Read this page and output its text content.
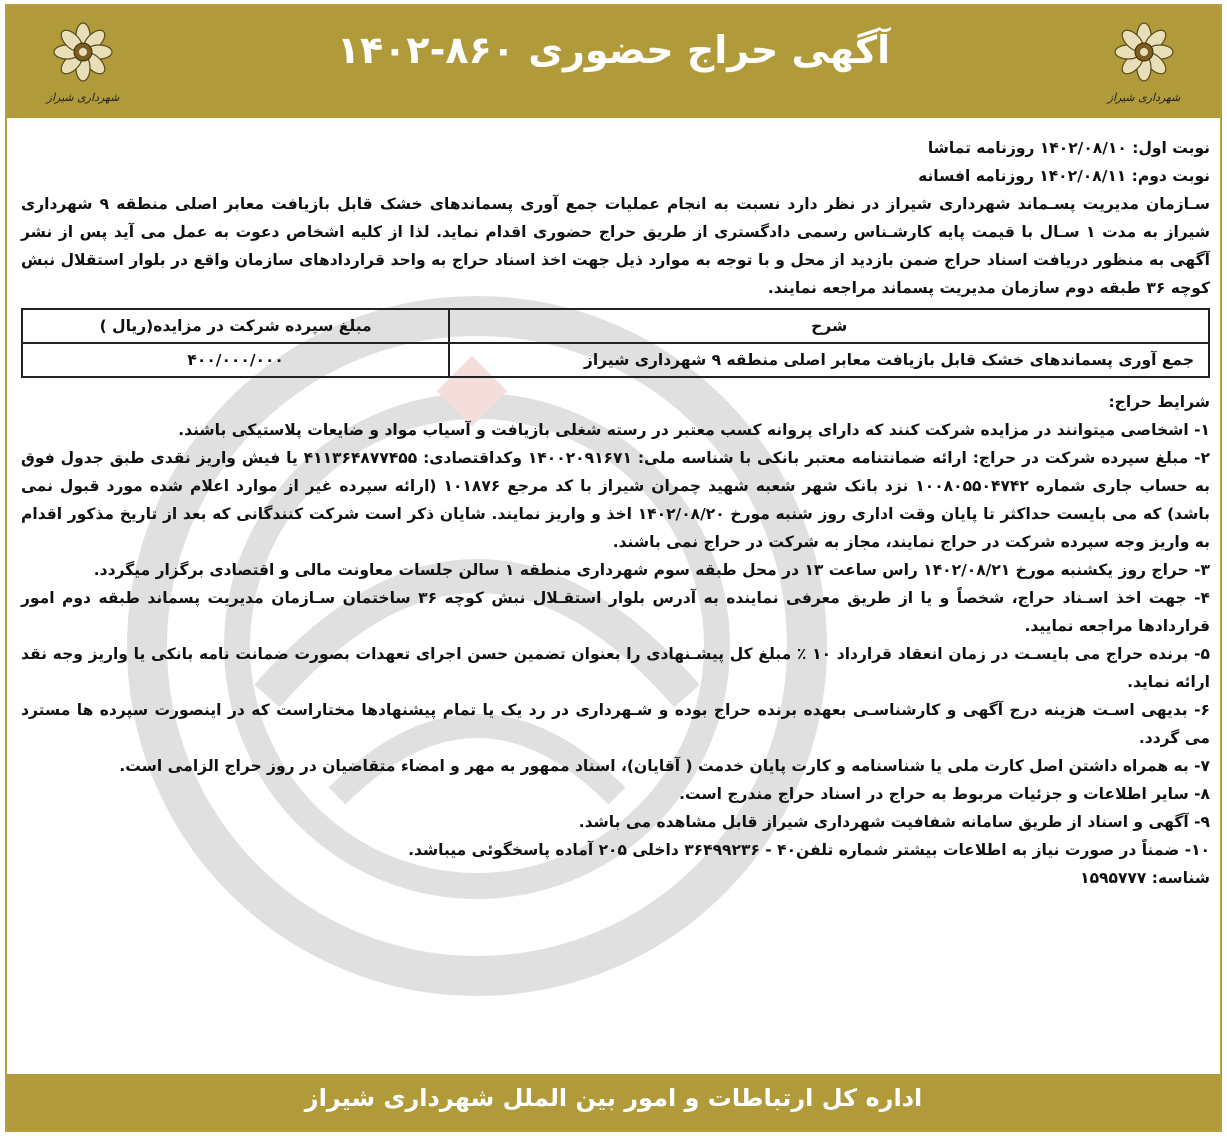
شهرداری شیراز
آگهی حراج حضوری ۸۶۰-۱۴۰۲
شهرداری شیراز

نوبت اول: ۱۴۰۲/۰۸/۱۰ روزنامه تماشا

نوبت دوم: ۱۴۰۲/۰۸/۱۱ روزنامه افسانه

سـازمان مدیریت پسـماند شهرداری شیراز در نظر دارد نسبت به انجام عملیات جمع آوری پسماندهای خشک قابل بازیافت معابر اصلی منطقه ۹ شهرداری شیراز به مدت ۱ سـال با قیمت پایه کارشـناس رسمی دادگستری از طریق حراج حضوری اقدام نماید. لذا از کلیه اشخاص دعوت به عمل می آید پس از نشر آگهی به منظور دریافت اسناد حراج ضمن بازدید از محل و با توجه به موارد ذیل جهت اخذ اسناد حراج به واحد قراردادهای سازمان واقع در بلوار استقلال نبش کوچه ۳۶ طبقه دوم سازمان مدیریت پسماند مراجعه نمایند.

شرح	مبلغ سپرده شرکت در مزایده(ریال )
جمع آوری پسماندهای خشک قابل بازیافت معابر اصلی منطقه ۹ شهرداری شیراز	۴۰۰/۰۰۰/۰۰۰

شرایط حراج:

۱- اشخاصی میتوانند در مزایده شرکت کنند که دارای پروانه کسب معتبر در رسته شغلی بازیافت و آسیاب مواد و ضایعات پلاستیکی باشند.

۲- مبلغ سپرده شرکت در حراج: ارائه ضمانتنامه معتبر بانکی با شناسه ملی: ۱۴۰۰۲۰۹۱۶۷۱ وکداقتصادی: ۴۱۱۳۶۴۸۷۷۴۵۵ یا فیش واریز نقدی طبق جدول فوق به حساب جاری شماره ۱۰۰۸۰۵۵۰۴۷۴۲ نزد بانک شهر شعبه شهید چمران شیراز با کد مرجع ۱۰۱۸۷۶ (ارائه سپرده غیر از موارد اعلام شده مورد قبول نمی باشد) که می بایست حداکثر تا پایان وقت اداری روز شنبه مورخ ۱۴۰۲/۰۸/۲۰ اخذ و واریز نمایند. شایان ذکر است شرکت کنندگانی که بعد از تاریخ مذکور اقدام به واریز وجه سپرده شرکت در حراج نمایند، مجاز به شرکت در حراج نمی باشند.

۳- حراج روز یکشنبه مورخ ۱۴۰۲/۰۸/۲۱ راس ساعت ۱۳ در محل طبقه سوم شهرداری منطقه ۱ سالن جلسات معاونت مالی و اقتصادی برگزار میگردد.

۴- جهت اخذ اسـناد حراج، شخصاً و یا از طریق معرفی نماینده به آدرس بلوار استقـلال نبش کوچه ۳۶ ساختمان سـازمان مدیریت پسماند طبقه دوم امور قراردادها مراجعه نمایید.

۵- برنده حراج می بایسـت در زمان انعقاد قرارداد ۱۰ ٪ مبلغ کل پیشـنهادی را بعنوان تضمین حسن اجرای تعهدات بصورت ضمانت نامه بانکی یا واریز وجه نقد ارائه نماید.

۶- بدیهی اسـت هزینه درج آگهی و کارشناسـی بعهده برنده حراج بوده و شـهرداری در رد یک یا تمام پیشنهادها مختاراست که در اینصورت سپرده ها مسترد می گردد.

۷- به همراه داشتن اصل کارت ملی یا شناسنامه و کارت پایان خدمت ( آقایان)، اسناد ممهور به مهر و امضاء متقاضیان در روز حراج الزامی است.

۸- سایر اطلاعات و جزئیات مربوط به حراج در اسناد حراج مندرج است.

۹- آگهی و اسناد از طریق سامانه شفافیت شهرداری شیراز قابل مشاهده می باشد.

۱۰- ضمناً در صورت نیاز به اطلاعات بیشتر شماره تلفن۴۰ - ۳۶۴۹۹۲۳۶ داخلی ۲۰۵ آماده پاسخگوئی میباشد.

شناسه: ۱۵۹۵۷۷۷

اداره کل ارتباطات و امور بین الملل شهرداری شیراز
